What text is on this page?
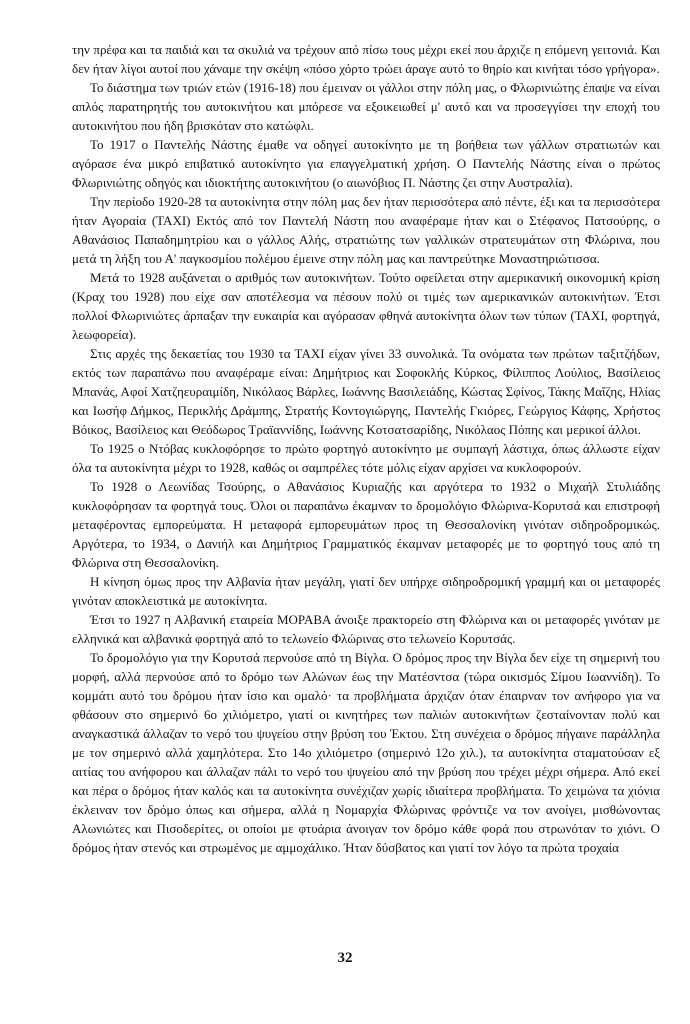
την πρέφα και τα παιδιά και τα σκυλιά να τρέχουν από πίσω τους μέχρι εκεί που άρχιζε η επόμενη γειτονιά. Και δεν ήταν λίγοι αυτοί που χάναμε την σκέψη «πόσο χόρτο τρώει άραγε αυτό το θηρίο και κινήται τόσο γρήγορα».

Το διάστημα των τριών ετών (1916-18) που έμειναν οι γάλλοι στην πόλη μας, ο Φλωρινιώτης έπαψε να είναι απλός παρατηρητής του αυτοκινήτου και μπόρεσε να εξοικειωθεί μ' αυτό και να προσεγγίσει την εποχή του αυτοκινήτου που ήδη βρισκόταν στο κατώφλι.

Το 1917 ο Παντελής Νάστης έμαθε να οδηγεί αυτοκίνητο με τη βοήθεια των γάλλων στρατιωτών και αγόρασε ένα μικρό επιβατικό αυτοκίνητο για επαγγελματική χρήση. Ο Παντελής Νάστης είναι ο πρώτος Φλωρινιώτης οδηγός και ιδιοκτήτης αυτοκινήτου (ο αιωνόβιος Π. Νάστης ζει στην Αυστραλία).

Την περίοδο 1920-28 τα αυτοκίνητα στην πόλη μας δεν ήταν περισσότερα από πέντε, έξι και τα περισσότερα ήταν Αγοραία (ΤΑΧΙ) Εκτός από τον Παντελή Νάστη που αναφέραμε ήταν και ο Στέφανος Πατσούρης, ο Αθανάσιος Παπαδημητρίου και ο γάλλος Αλής, στρατιώτης των γαλλικών στρατευμάτων στη Φλώρινα, που μετά τη λήξη του Α' παγκοσμίου πολέμου έμεινε στην πόλη μας και παντρεύτηκε Μοναστηριώτισσα.

Μετά το 1928 αυξάνεται ο αριθμός των αυτοκινήτων. Τούτο οφείλεται στην αμερικανική οικονομική κρίση (Κραχ του 1928) που είχε σαν αποτέλεσμα να πέσουν πολύ οι τιμές των αμερικανικών αυτοκινήτων. Έτσι πολλοί Φλωρινιώτες άρπαξαν την ευκαιρία και αγόρασαν φθηνά αυτοκίνητα όλων των τύπων (ΤΑΧΙ, φορτηγά, λεωφορεία).

Στις αρχές της δεκαετίας του 1930 τα ΤΑΧΙ είχαν γίνει 33 συνολικά. Τα ονόματα των πρώτων ταξιτζήδων, εκτός των παραπάνω που αναφέραμε είναι: Δημήτριος και Σοφοκλής Κύρκος, Φίλιππος Λούλιος, Βασίλειος Μπανάς, Αφοί Χατζηευραιμίδη, Νικόλαος Βάρλες, Ιωάννης Βασιλειάδης, Κώστας Σφίνος, Τάκης Μαΐζης, Ηλίας και Ιωσήφ Δήμκος, Περικλής Δράμπης, Στρατής Κοντογιώργης, Παντελής Γκιόρες, Γεώργιος Κάφης, Χρήστος Βόικος, Βασίλειος και Θεόδωρος Τραϊαννίδης, Ιωάννης Κοτσατσαρίδης, Νικόλαος Πόπης και μερικοί άλλοι.

Το 1925 ο Ντόβας κυκλοφόρησε το πρώτο φορτηγό αυτοκίνητο με συμπαγή λάστιχα, όπως άλλωστε είχαν όλα τα αυτοκίνητα μέχρι το 1928, καθώς οι σαμπρέλες τότε μόλις είχαν αρχίσει να κυκλοφορούν.

Το 1928 ο Λεωνίδας Τσούρης, ο Αθανάσιος Κυριαζής και αργότερα το 1932 ο Μιχαήλ Στυλιάδης κυκλοφόρησαν τα φορτηγά τους. Όλοι οι παραπάνω έκαμναν το δρομολόγιο Φλώρινα-Κορυτσά και επιστροφή μεταφέροντας εμπορεύματα. Η μεταφορά εμπορευμάτων προς τη Θεσσαλονίκη γινόταν σιδηροδρομικώς. Αργότερα, το 1934, ο Δανιήλ και Δημήτριος Γραμματικός έκαμναν μεταφορές με το φορτηγό τους από τη Φλώρινα στη Θεσσαλονίκη.

Η κίνηση όμως προς την Αλβανία ήταν μεγάλη, γιατί δεν υπήρχε σιδηροδρομική γραμμή και οι μεταφορές γινόταν αποκλειστικά με αυτοκίνητα.

Έτσι το 1927 η Αλβανική εταιρεία ΜΟΡΑΒΑ άνοιξε πρακτορείο στη Φλώρινα και οι μεταφορές γινόταν με ελληνικά και αλβανικά φορτηγά από το τελωνείο Φλώρινας στο τελωνείο Κορυτσάς.

Το δρομολόγιο για την Κορυτσά περνούσε από τη Βίγλα. Ο δρόμος προς την Βίγλα δεν είχε τη σημερινή του μορφή, αλλά περνούσε από το δρόμο των Αλώνων έως την Ματέσντσα (τώρα οικισμός Σίμου Ιωαννίδη). Το κομμάτι αυτό του δρόμου ήταν ίσιο και ομαλό· τα προβλήματα άρχιζαν όταν έπαιρναν τον ανήφορο για να φθάσουν στο σημερινό 6ο χιλιόμετρο, γιατί οι κινητήρες των παλιών αυτοκινήτων ζεσταίνονταν πολύ και αναγκαστικά άλλαζαν το νερό του ψυγείου στην βρύση του Έκτου. Στη συνέχεια ο δρόμος πήγαινε παράλληλα με τον σημερινό αλλά χαμηλότερα. Στο 14ο χιλιόμετρο (σημερινό 12ο χιλ.), τα αυτοκίνητα σταματούσαν εξ αιτίας του ανήφορου και άλλαζαν πάλι το νερό του ψυγείου από την βρύση που τρέχει μέχρι σήμερα. Από εκεί και πέρα ο δρόμος ήταν καλός και τα αυτοκίνητα συνέχιζαν χωρίς ιδιαίτερα προβλήματα. Το χειμώνα τα χιόνια έκλειναν τον δρόμο όπως και σήμερα, αλλά η Νομαρχία Φλώρινας φρόντιζε να τον ανοίγει, μισθώνοντας Αλωνιώτες και Πισοδερίτες, οι οποίοι με φτυάρια άνοιγαν τον δρόμο κάθε φορά που στρωνόταν το χιόνι. Ο δρόμος ήταν στενός και στρωμένος με αμμοχάλικο. Ήταν δύσβατος και γιατί τον λόγο τα πρώτα τροχαία

32
